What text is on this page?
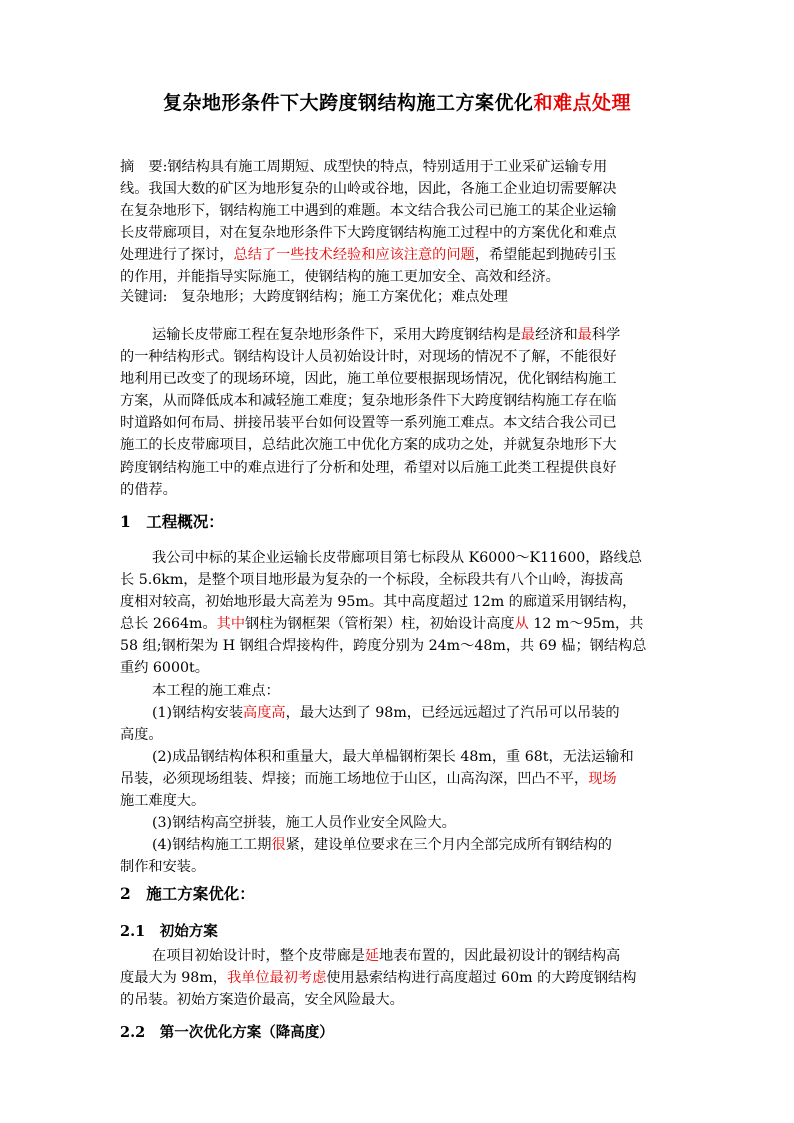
复杂地形条件下大跨度钢结构施工方案优化和难点处理
摘　要:钢结构具有施工周期短、成型快的特点，特别适用于工业采矿运输专用
线。我国大数的矿区为地形复杂的山岭或谷地，因此，各施工企业迫切需要解决
在复杂地形下，钢结构施工中遇到的难题。本文结合我公司已施工的某企业运输
长皮带廊项目，对在复杂地形条件下大跨度钢结构施工过程中的方案优化和难点
处理进行了探讨，总结了一些技术经验和应该注意的问题，希望能起到抛砖引玉
的作用，并能指导实际施工，使钢结构的施工更加安全、高效和经济。
关键词:　复杂地形；大跨度钢结构；施工方案优化；难点处理
运输长皮带廊工程在复杂地形条件下，采用大跨度钢结构是最经济和最科学
的一种结构形式。钢结构设计人员初始设计时，对现场的情况不了解，不能很好
地利用已改变了的现场环境，因此，施工单位要根据现场情况，优化钢结构施工
方案，从而降低成本和减轻施工难度；复杂地形条件下大跨度钢结构施工存在临
时道路如何布局、拼接吊装平台如何设置等一系列施工难点。本文结合我公司已
施工的长皮带廊项目，总结此次施工中优化方案的成功之处，并就复杂地形下大
跨度钢结构施工中的难点进行了分析和处理，希望对以后施工此类工程提供良好
的借荐。
1　工程概况：
我公司中标的某企业运输长皮带廊项目第七标段从 K6000～K11600，路线总
长 5.6km，是整个项目地形最为复杂的一个标段，全标段共有八个山岭，海拔高
度相对较高，初始地形最大高差为 95m。其中高度超过 12m 的廊道采用钢结构，
总长 2664m。其中钢柱为钢框架（管桁架）柱，初始设计高度从 12 m～95m，共
58 组;钢桁架为 H 钢组合焊接构件，跨度分别为 24m～48m，共 69 榀；钢结构总
重约 6000t。
本工程的施工难点：
(1)钢结构安装高度高，最大达到了 98m，已经远远超过了汽吊可以吊装的
高度。
(2)成品钢结构体积和重量大，最大单榀钢桁架长 48m，重 68t，无法运输和
吊装，必须现场组装、焊接；而施工场地位于山区，山高沟深，凹凸不平，现场
施工难度大。
(3)钢结构高空拼装，施工人员作业安全风险大。
(4)钢结构施工工期很紧，建设单位要求在三个月内全部完成所有钢结构的
制作和安装。
2　施工方案优化：
2.1　初始方案
在项目初始设计时，整个皮带廊是延地表布置的，因此最初设计的钢结构高
度最大为 98m，我单位最初考虑使用悬索结构进行高度超过 60m 的大跨度钢结构
的吊装。初始方案造价最高，安全风险最大。
2.2　第一次优化方案（降高度）
